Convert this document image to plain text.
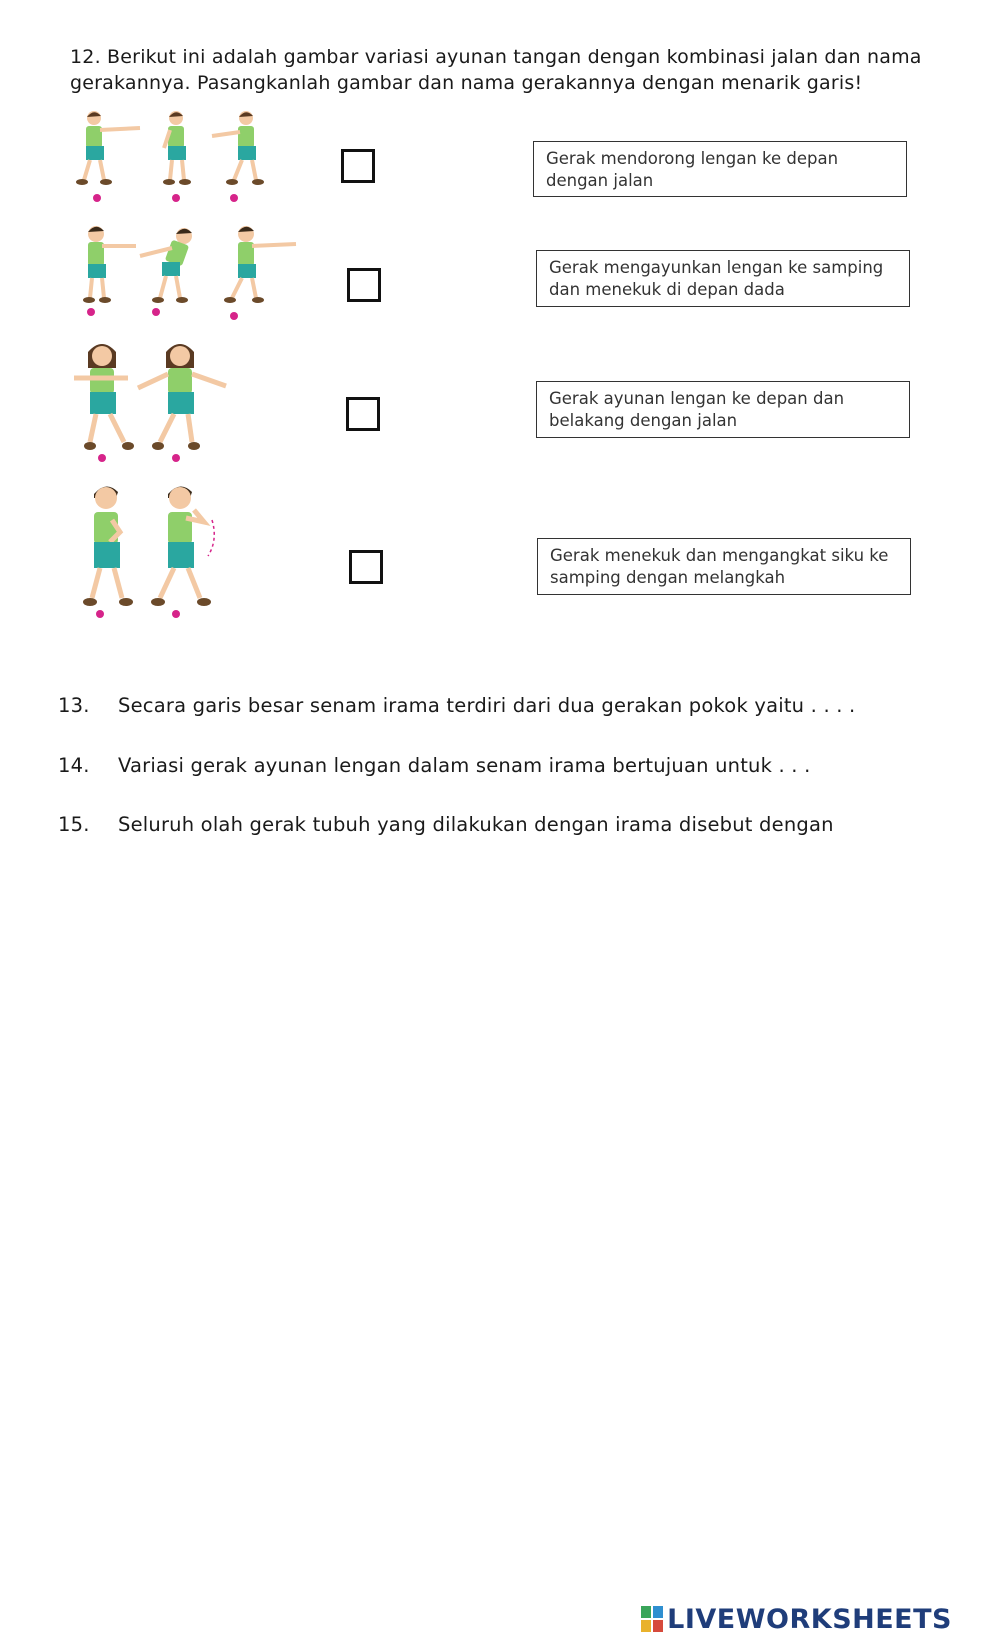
12. Berikut ini adalah gambar variasi ayunan tangan dengan kombinasi jalan dan nama gerakannya. Pasangkanlah gambar dan nama gerakannya dengan menarik garis!
Gerak mendorong lengan ke depan dengan jalan
Gerak mengayunkan lengan ke samping dan menekuk di depan dada
Gerak ayunan lengan ke depan dan belakang dengan jalan
Gerak menekuk dan mengangkat siku ke samping dengan melangkah
13.	Secara garis besar senam irama terdiri dari dua gerakan pokok yaitu . . . .
14.	Variasi gerak ayunan lengan dalam senam irama bertujuan untuk . . .
15.	Seluruh olah gerak tubuh yang dilakukan dengan irama disebut dengan
LIVEWORKSHEETS
